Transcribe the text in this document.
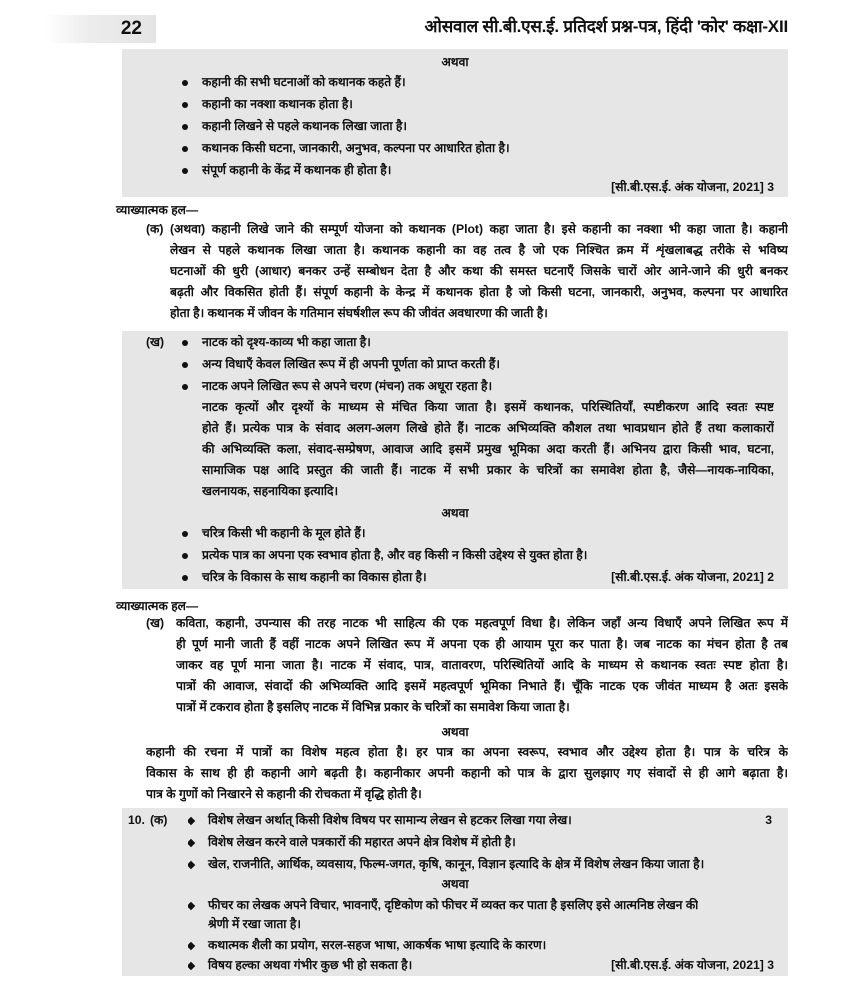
22	ओसवाल सी.बी.एस.ई. प्रतिदर्श प्रश्न-पत्र, हिंदी 'कोर' कक्षा-XII
अथवा
कहानी की सभी घटनाओं को कथानक कहते हैं।
कहानी का नक्शा कथानक होता है।
कहानी लिखने से पहले कथानक लिखा जाता है।
कथानक किसी घटना, जानकारी, अनुभव, कल्पना पर आधारित होता है।
संपूर्ण कहानी के केंद्र में कथानक ही होता है।
[सी.बी.एस.ई. अंक योजना, 2021] 3
व्याख्यात्मक हल—
(क) (अथवा) कहानी लिखे जाने की सम्पूर्ण योजना को कथानक (Plot) कहा जाता है। इसे कहानी का नक्शा भी कहा जाता है। कहानी
लेखन से पहले कथानक लिखा जाता है। कथानक कहानी का वह तत्व है जो एक निश्चित क्रम में शृंखलाबद्ध तरीके से भविष्य
घटनाओं की धुरी (आधार) बनकर उन्हें सम्बोधन देता है और कथा की समस्त घटनाएँ जिसके चारों ओर आने-जाने की धुरी बनकर
बढ़ती और विकसित होती हैं। संपूर्ण कहानी के केन्द्र में कथानक होता है जो किसी घटना, जानकारी, अनुभव, कल्पना पर आधारित
होता है। कथानक में जीवन के गतिमान संघर्षशील रूप की जीवंत अवधारणा की जाती है।
(ख)	नाटक को दृश्य-काव्य भी कहा जाता है।
अन्य विधाएँ केवल लिखित रूप में ही अपनी पूर्णता को प्राप्त करती हैं।
नाटक अपने लिखित रूप से अपने चरण (मंचन) तक अधूरा रहता है।
नाटक कृत्यों और दृश्यों के माध्यम से मंचित किया जाता है। इसमें कथानक, परिस्थितियाँ, स्पष्टीकरण आदि स्वतः स्पष्ट
होते हैं। प्रत्येक पात्र के संवाद अलग-अलग लिखे होते हैं। नाटक अभिव्यक्ति कौशल तथा भावप्रधान होते हैं तथा कलाकारों
की अभिव्यक्ति कला, संवाद-सम्प्रेषण, आवाज आदि इसमें प्रमुख भूमिका अदा करती हैं। अभिनय द्वारा किसी भाव, घटना,
सामाजिक पक्ष आदि प्रस्तुत की जाती हैं। नाटक में सभी प्रकार के चरित्रों का समावेश होता है, जैसे—नायक-नायिका,
खलनायक, सहनायिका इत्यादि।
अथवा
चरित्र किसी भी कहानी के मूल होते हैं।
प्रत्येक पात्र का अपना एक स्वभाव होता है, और वह किसी न किसी उद्देश्य से युक्त होता है।
चरित्र के विकास के साथ कहानी का विकास होता है।	[सी.बी.एस.ई. अंक योजना, 2021] 2
व्याख्यात्मक हल—
(ख) कविता, कहानी, उपन्यास की तरह नाटक भी साहित्य की एक महत्वपूर्ण विधा है। लेकिन जहाँ अन्य विधाएँ अपने लिखित रूप में
ही पूर्ण मानी जाती हैं वहीं नाटक अपने लिखित रूप में अपना एक ही आयाम पूरा कर पाता है। जब नाटक का मंचन होता है तब
जाकर वह पूर्ण माना जाता है। नाटक में संवाद, पात्र, वातावरण, परिस्थितियों आदि के माध्यम से कथानक स्वतः स्पष्ट होता है।
पात्रों की आवाज, संवादों की अभिव्यक्ति आदि इसमें महत्वपूर्ण भूमिका निभाते हैं। चूँकि नाटक एक जीवंत माध्यम है अतः इसके
पात्रों में टकराव होता है इसलिए नाटक में विभिन्न प्रकार के चरित्रों का समावेश किया जाता है।
अथवा
कहानी की रचना में पात्रों का विशेष महत्व होता है। हर पात्र का अपना स्वरूप, स्वभाव और उद्देश्य होता है। पात्र के चरित्र के
विकास के साथ ही ही कहानी आगे बढ़ती है। कहानीकार अपनी कहानी को पात्र के द्वारा सुलझाए गए संवादों से ही आगे बढ़ाता है।
पात्र के गुणों को निखारने से कहानी की रोचकता में वृद्धि होती है।
10. (क)	3
विशेष लेखन अर्थात् किसी विशेष विषय पर सामान्य लेखन से हटकर लिखा गया लेख।
विशेष लेखन करने वाले पत्रकारों की महारत अपने क्षेत्र विशेष में होती है।
खेल, राजनीति, आर्थिक, व्यवसाय, फिल्म-जगत, कृषि, कानून, विज्ञान इत्यादि के क्षेत्र में विशेष लेखन किया जाता है।
अथवा
फीचर का लेखक अपने विचार, भावनाएँ, दृष्टिकोण को फीचर में व्यक्त कर पाता है इसलिए इसे आत्मनिष्ठ लेखन की
श्रेणी में रखा जाता है।
कथात्मक शैली का प्रयोग, सरल-सहज भाषा, आकर्षक भाषा इत्यादि के कारण।
विषय हल्का अथवा गंभीर कुछ भी हो सकता है।	[सी.बी.एस.ई. अंक योजना, 2021] 3
